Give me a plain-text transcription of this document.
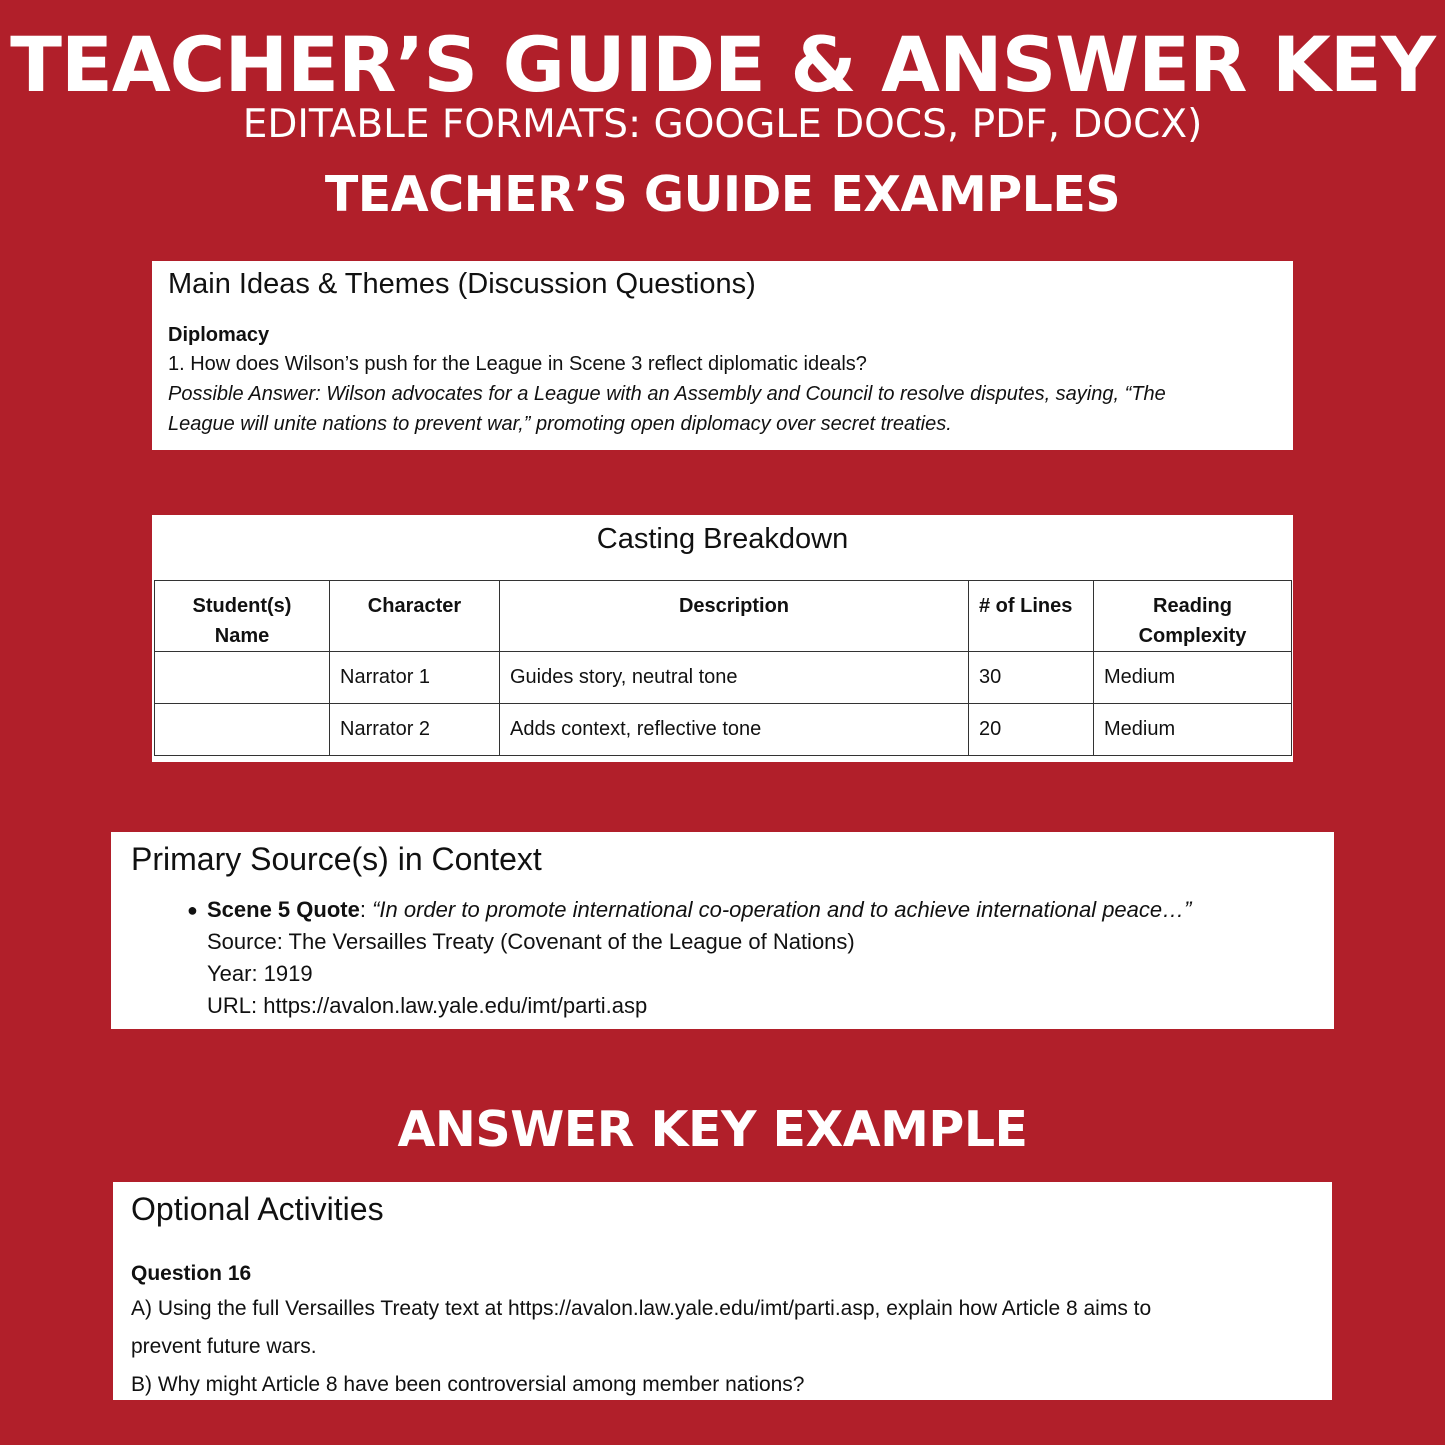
TEACHER’S GUIDE & ANSWER KEY
EDITABLE FORMATS: GOOGLE DOCS, PDF, DOCX)
TEACHER’S GUIDE EXAMPLES
Main Ideas & Themes (Discussion Questions)
Diplomacy
1. How does Wilson’s push for the League in Scene 3 reflect diplomatic ideals?
Possible Answer: Wilson advocates for a League with an Assembly and Council to resolve disputes, saying, “The
League will unite nations to prevent war,” promoting open diplomacy over secret treaties.
Casting Breakdown
Student(s) Name	Character	Description	# of Lines	Reading Complexity
	Narrator 1	Guides story, neutral tone	30	Medium
	Narrator 2	Adds context, reflective tone	20	Medium
Primary Source(s) in Context
● Scene 5 Quote: “In order to promote international co-operation and to achieve international peace…”
Source: The Versailles Treaty (Covenant of the League of Nations)
Year: 1919
URL: https://avalon.law.yale.edu/imt/parti.asp
ANSWER KEY EXAMPLE
Optional Activities
Question 16
A) Using the full Versailles Treaty text at https://avalon.law.yale.edu/imt/parti.asp, explain how Article 8 aims to
prevent future wars.
B) Why might Article 8 have been controversial among member nations?
